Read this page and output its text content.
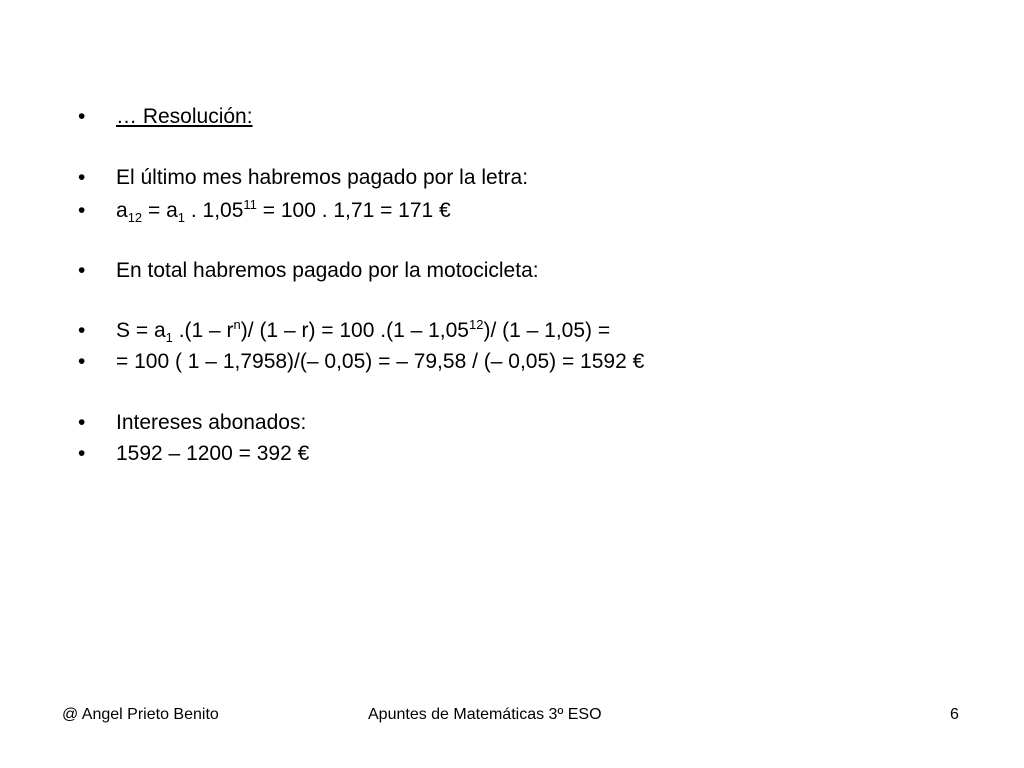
•	… Resolución:
•	El último mes habremos pagado por la letra:
•	$a_{12} = a_1$ . $1,05^{11} = 100$ . 1,71 = 171 €
•	En total habremos pagado por la motocicleta:
•	$S = a_1$ $.(1 - r^n)/$ (1 – r) = 100 .(1 – 1,05$^{12}$)/ (1 – 1,05) =
•	= 100 ( 1 – 1,7958)/(– 0,05) = – 79,58 / (– 0,05) = 1592 €
•	Intereses abonados:
•	1592 – 1200 = 392 €
@ Angel Prieto Benito	Apuntes de Matemáticas 3º ESO	6
